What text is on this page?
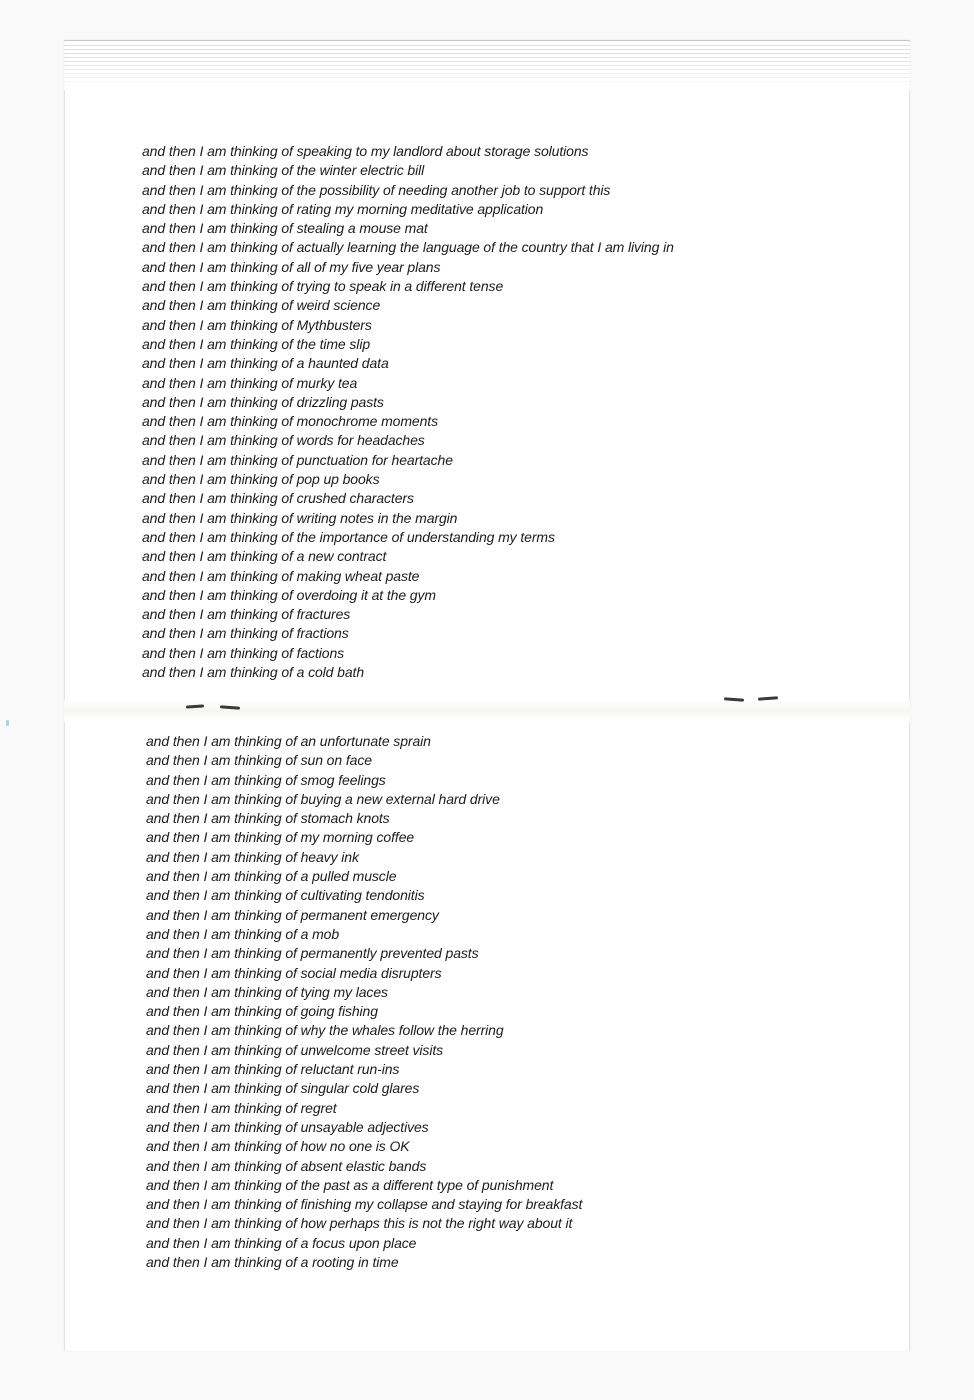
and then I am thinking of speaking to my landlord about storage solutions
and then I am thinking of the winter electric bill
and then I am thinking of the possibility of needing another job to support this
and then I am thinking of rating my morning meditative application
and then I am thinking of stealing a mouse mat
and then I am thinking of actually learning the language of the country that I am living in
and then I am thinking of all of my five year plans
and then I am thinking of trying to speak in a different tense
and then I am thinking of weird science
and then I am thinking of Mythbusters
and then I am thinking of the time slip
and then I am thinking of a haunted data
and then I am thinking of murky tea
and then I am thinking of drizzling pasts
and then I am thinking of monochrome moments
and then I am thinking of words for headaches
and then I am thinking of punctuation for heartache
and then I am thinking of pop up books
and then I am thinking of crushed characters
and then I am thinking of writing notes in the margin
and then I am thinking of the importance of understanding my terms
and then I am thinking of a new contract
and then I am thinking of making wheat paste
and then I am thinking of overdoing it at the gym
and then I am thinking of fractures
and then I am thinking of fractions
and then I am thinking of factions
and then I am thinking of a cold bath
and then I am thinking of an unfortunate sprain
and then I am thinking of sun on face
and then I am thinking of smog feelings
and then I am thinking of buying a new external hard drive
and then I am thinking of stomach knots
and then I am thinking of my morning coffee
and then I am thinking of heavy ink
and then I am thinking of a pulled muscle
and then I am thinking of cultivating tendonitis
and then I am thinking of permanent emergency
and then I am thinking of a mob
and then I am thinking of permanently prevented pasts
and then I am thinking of social media disrupters
and then I am thinking of tying my laces
and then I am thinking of going fishing
and then I am thinking of why the whales follow the herring
and then I am thinking of unwelcome street visits
and then I am thinking of reluctant run-ins
and then I am thinking of singular cold glares
and then I am thinking of regret
and then I am thinking of unsayable adjectives
and then I am thinking of how no one is OK
and then I am thinking of absent elastic bands
and then I am thinking of the past as a different type of punishment
and then I am thinking of finishing my collapse and staying for breakfast
and then I am thinking of how perhaps this is not the right way about it
and then I am thinking of a focus upon place
and then I am thinking of a rooting in time
